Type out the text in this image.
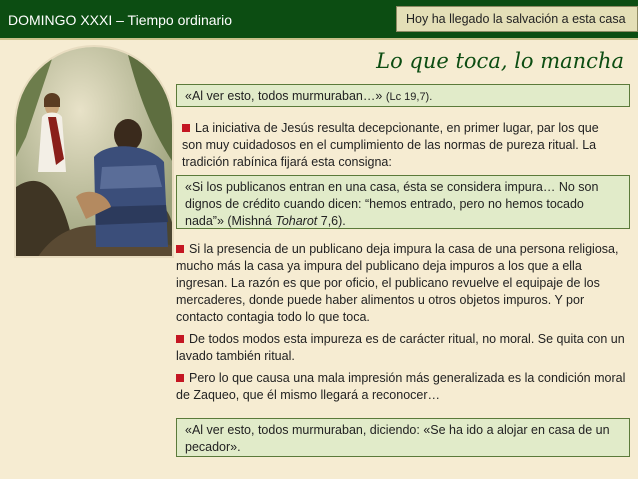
DOMINGO XXXI – Tiempo ordinario	Hoy ha llegado la salvación a esta casa
Lo que toca, lo mancha
«Al ver esto, todos murmuraban…» (Lc 19,7).
La iniciativa de Jesús resulta decepcionante, en primer lugar, par los que son muy cuidadosos en el cumplimiento de las normas de pureza ritual. La tradición rabínica fijará esta consigna:
«Si los publicanos entran en una casa, ésta se considera impura… No son dignos de crédito cuando dicen: “hemos entrado, pero no hemos tocado nada”» (Mishná Toharot 7,6).
Si la presencia de un publicano deja impura la casa de una persona religiosa, mucho más la casa ya impura del publicano deja impuros a los que a ella ingresan. La razón es que por oficio, el publicano revuelve el equipaje de los mercaderes, donde puede haber alimentos u otros objetos impuros. Y por contacto contagia todo lo que toca.
De todos modos esta impureza es de carácter ritual, no moral. Se quita con un lavado también ritual.
Pero lo que causa una mala impresión más generalizada es la condición moral de Zaqueo, que él mismo llegará a reconocer…
«Al ver esto, todos murmuraban, diciendo: «Se ha ido a alojar en casa de un pecador».
